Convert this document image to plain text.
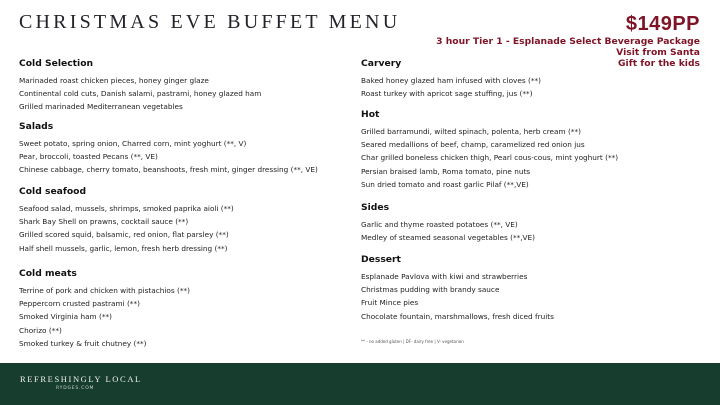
CHRISTMAS EVE BUFFET MENU	$149PP
3 hour Tier 1 - Esplanade Select Beverage Package
Visit from Santa
Gift for the kids
Cold Selection
Marinaded roast chicken pieces, honey ginger glaze
Continental cold cuts, Danish salami, pastrami, honey glazed ham
Grilled marinaded Mediterranean vegetables
Salads
Sweet potato, spring onion, Charred corn, mint yoghurt (**, V)
Pear, broccoli, toasted Pecans (**, VE)
Chinese cabbage, cherry tomato, beanshoots, fresh mint, ginger dressing (**, VE)
Cold seafood
Seafood salad, mussels, shrimps, smoked paprika aioli (**)
Shark Bay Shell on prawns, cocktail sauce (**)
Grilled scored squid, balsamic, red onion, flat parsley (**)
Half shell mussels, garlic, lemon, fresh herb dressing (**)
Cold meats
Terrine of pork and chicken with pistachios (**)
Peppercorn crusted pastrami (**)
Smoked Virginia ham (**)
Chorizo (**)
Smoked turkey & fruit chutney (**)
Carvery
Baked honey glazed ham infused with cloves (**)
Roast turkey with apricot sage stuffing, jus (**)
Hot
Grilled barramundi, wilted spinach, polenta, herb cream (**)
Seared medallions of beef, champ, caramelized red onion jus
Char grilled boneless chicken thigh, Pearl cous-cous, mint yoghurt (**)
Persian braised lamb, Roma tomato, pine nuts
Sun dried tomato and roast garlic Pilaf (**,VE)
Sides
Garlic and thyme roasted potatoes (**, VE)
Medley of steamed seasonal vegetables (**,VE)
Dessert
Esplanade Pavlova with kiwi and strawberries
Christmas pudding with brandy sauce
Fruit Mince pies
Chocolate fountain, marshmallows, fresh diced fruits
** - no added gluten | DF- dairy free | V- vegetarian
REFRESHINGLY LOCAL
RYDGES.COM
